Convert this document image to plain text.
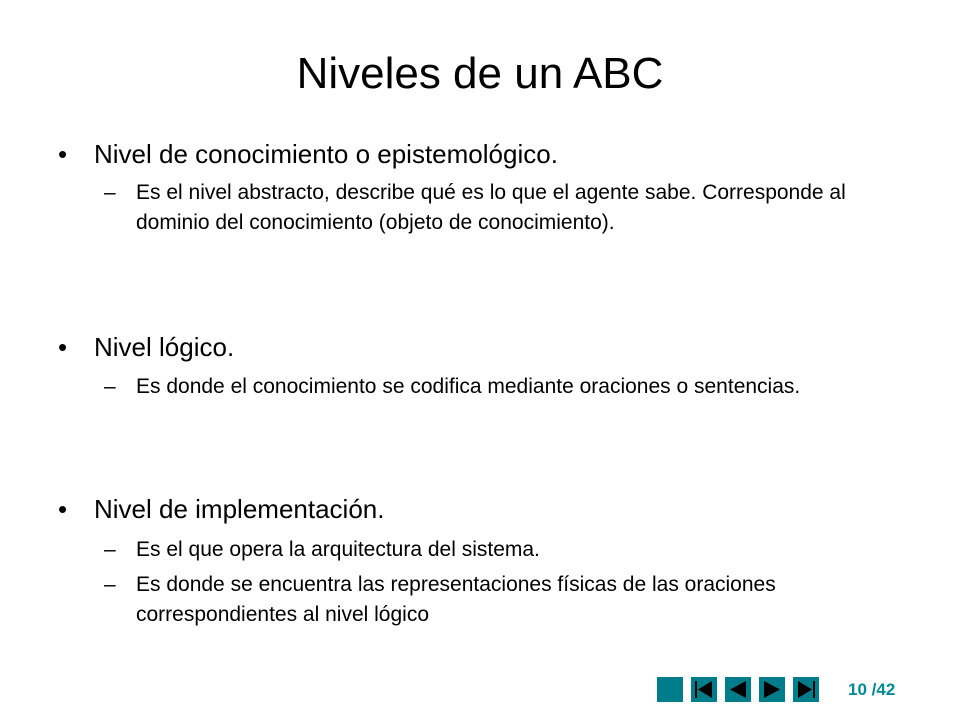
Niveles de un ABC
• Nivel de conocimiento o epistemológico.
– Es el nivel abstracto, describe qué es lo que el agente sabe. Corresponde al dominio del conocimiento (objeto de conocimiento).
• Nivel lógico.
– Es donde el conocimiento se codifica mediante oraciones o sentencias.
• Nivel de implementación.
– Es el que opera la arquitectura del sistema.
– Es donde se encuentra las representaciones físicas de las oraciones correspondientes al nivel lógico
10 /42
